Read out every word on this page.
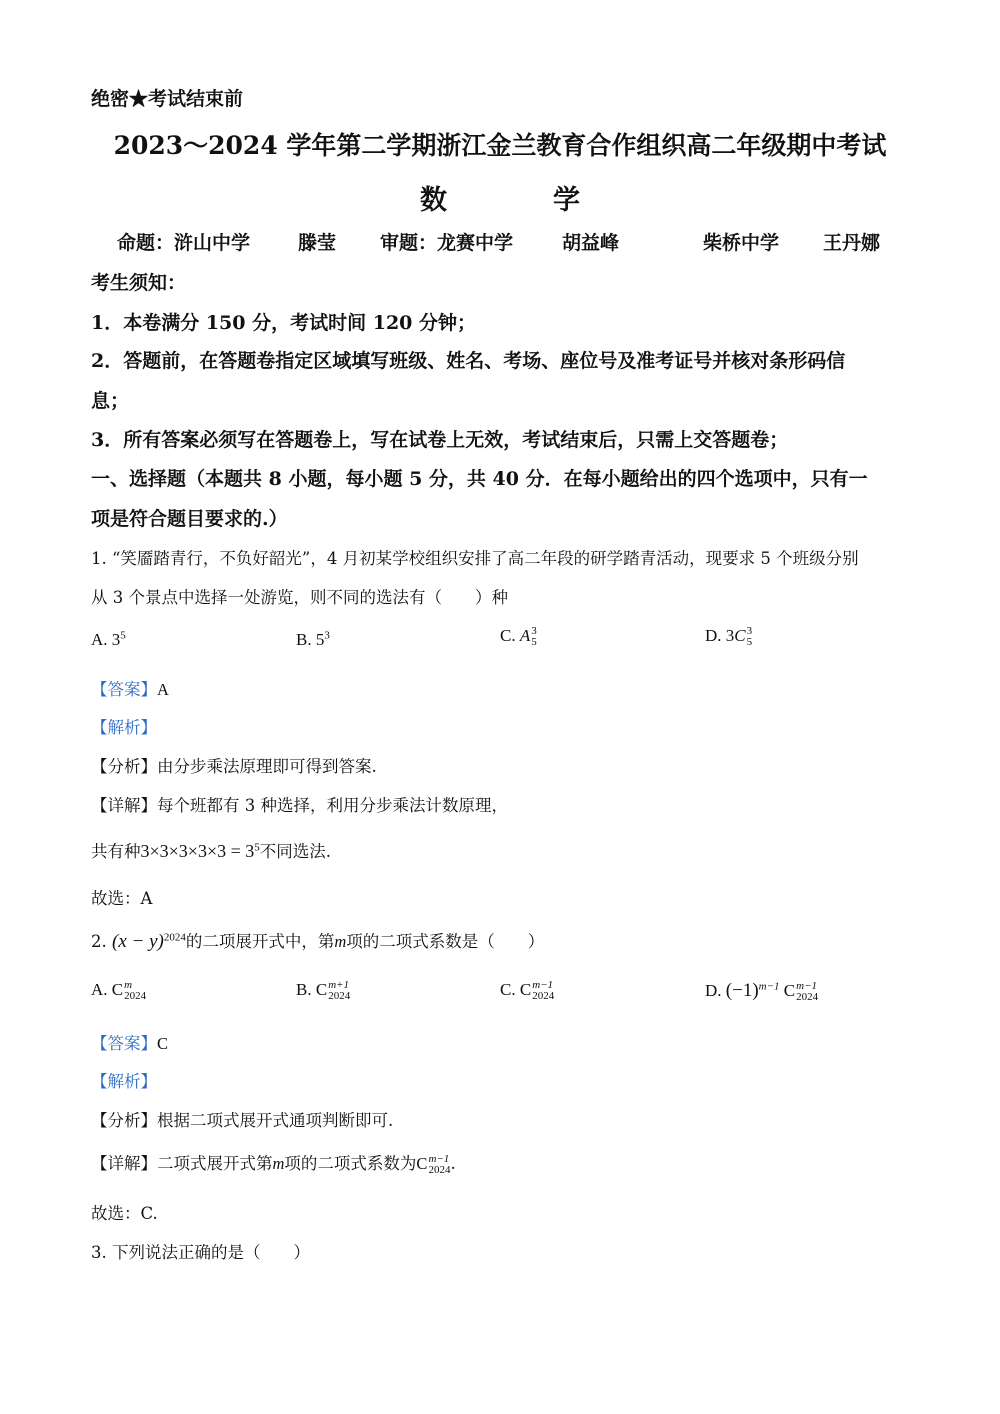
绝密★考试结束前
2023～2024 学年第二学期浙江金兰教育合作组织高二年级期中考试
数	学
命题：浒山中学	滕莹 审题：龙赛中学	胡益峰	柴桥中学 王丹娜
考生须知：
1．本卷满分 150 分，考试时间 120 分钟；
2．答题前，在答题卷指定区域填写班级、姓名、考场、座位号及准考证号并核对条形码信
息；
3．所有答案必须写在答题卷上，写在试卷上无效，考试结束后，只需上交答题卷；
一、选择题（本题共 8 小题，每小题 5 分，共 40 分．在每小题给出的四个选项中，只有一
项是符合题目要求的.）
1. “笑靥踏青行，不负好韶光”，4 月初某学校组织安排了高二年段的研学踏青活动，现要求 5 个班级分别
从 3 个景点中选择一处游览，则不同的选法有（　　）种
A. $3^5$	B. $5^3$	C. A 3
5	D. 3C 3
5
【答案】A
【解析】
【分析】由分步乘法原理即可得到答案.
【详解】每个班都有 3 种选择，利用分步乘法计数原理，
共有种$3\times 3\times 3\times 3\times 3 = 3^5$不同选法.
故选：A
2. $(x - y)^{2024}$的二项展开式中，第m项的二项式系数是（　　）
A. C m
2024	B. C m+1
2024	C. C m−1
2024	D. $(-1)^{m-1}$ C m−1
2024
【答案】C
【解析】
【分析】根据二项式展开式通项判断即可.
【详解】二项式展开式第m项的二项式系数为C m−1
2024 .
故选：C.
3. 下列说法正确的是（　　）
